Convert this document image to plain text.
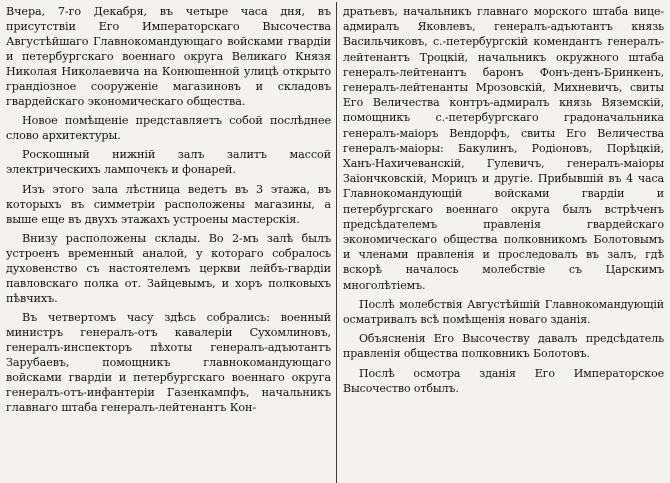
Вчера, 7-го Декабря, въ четыре часа дня, въ присутствіи Его Императорскаго Высочества Августѣйшаго Главнокомандующаго войсками гвардіи и петербургскаго военнаго округа Великаго Князя Николая Николаевича на Конюшенной улицѣ открыто грандіозное сооруженіе магазиновъ и складовъ гвардейскаго экономическаго общества.

Новое помѣщеніе представляетъ собой послѣднее слово архитектуры.

Роскошный нижній залъ залитъ массой электрическихъ лампочекъ и фонарей.

Изъ этого зала лѣстница ведетъ въ 3 этажа, въ которыхъ въ симметріи расположены магазины, а выше еще въ двухъ этажахъ устроены мастерскія.

Внизу расположены склады. Во 2-мъ залѣ былъ устроенъ временный аналой, у котораго собралось духовенство съ настоятелемъ церкви лейбъ-гвардіи павловскаго полка от. Зайцевымъ, и хоръ полковыхъ пѣвчихъ.

Въ четвертомъ часу здѣсь собрались: военный министръ генералъ-отъ кавалеріи Сухомлиновъ, генералъ-инспекторъ пѣхоты генералъ-адъютантъ Зарубаевъ, помощникъ главнокомандующаго войсками гвардіи и петербургскаго военнаго округа генералъ-отъ-инфантеріи Газенкампфъ, начальникъ главнаго штаба генералъ-лейтенантъ Кон-

дратьевъ, начальникъ главнаго морского штаба вице-адмиралъ Яковлевъ, генералъ-адъютантъ князь Васильчиковъ, с.-петербургскій комендантъ генералъ-лейтенантъ Троцкій, начальникъ окружного штаба генералъ-лейтенантъ баронъ Фонъ-денъ-Бринкенъ, генералъ-лейтенанты Мрозовскій, Михневичъ, свиты Его Величества контръ-адмиралъ князь Вяземскій, помощникъ с.-петербургскаго градоначальника генералъ-маіоръ Вендорфъ, свиты Его Величества генералъ-маіоры: Бакулинъ, Родіоновъ, Порѣцкій, Ханъ-Нахичеванскій, Гулевичъ, генералъ-маіоры Заіончковскій, Морицъ и другіе. Прибывшій въ 4 часа Главнокомандующій войсками гвардіи и петербургскаго военнаго округа былъ встрѣченъ предсѣдателемъ правленія гвардейскаго экономическаго общества полковникомъ Болотовымъ и членами правленія и проследовалъ въ залъ, гдѣ вскорѣ началось молебствіе съ Царскимъ многолѣтіемъ.

Послѣ молебствія Августѣйшій Главнокомандующій осматривалъ всѣ помѣщенія новаго зданія.

Объясненія Его Высочеству давалъ предсѣдатель правленія общества полковникъ Болотовъ.

Послѣ осмотра зданія Его Императорское Высочество отбылъ.
